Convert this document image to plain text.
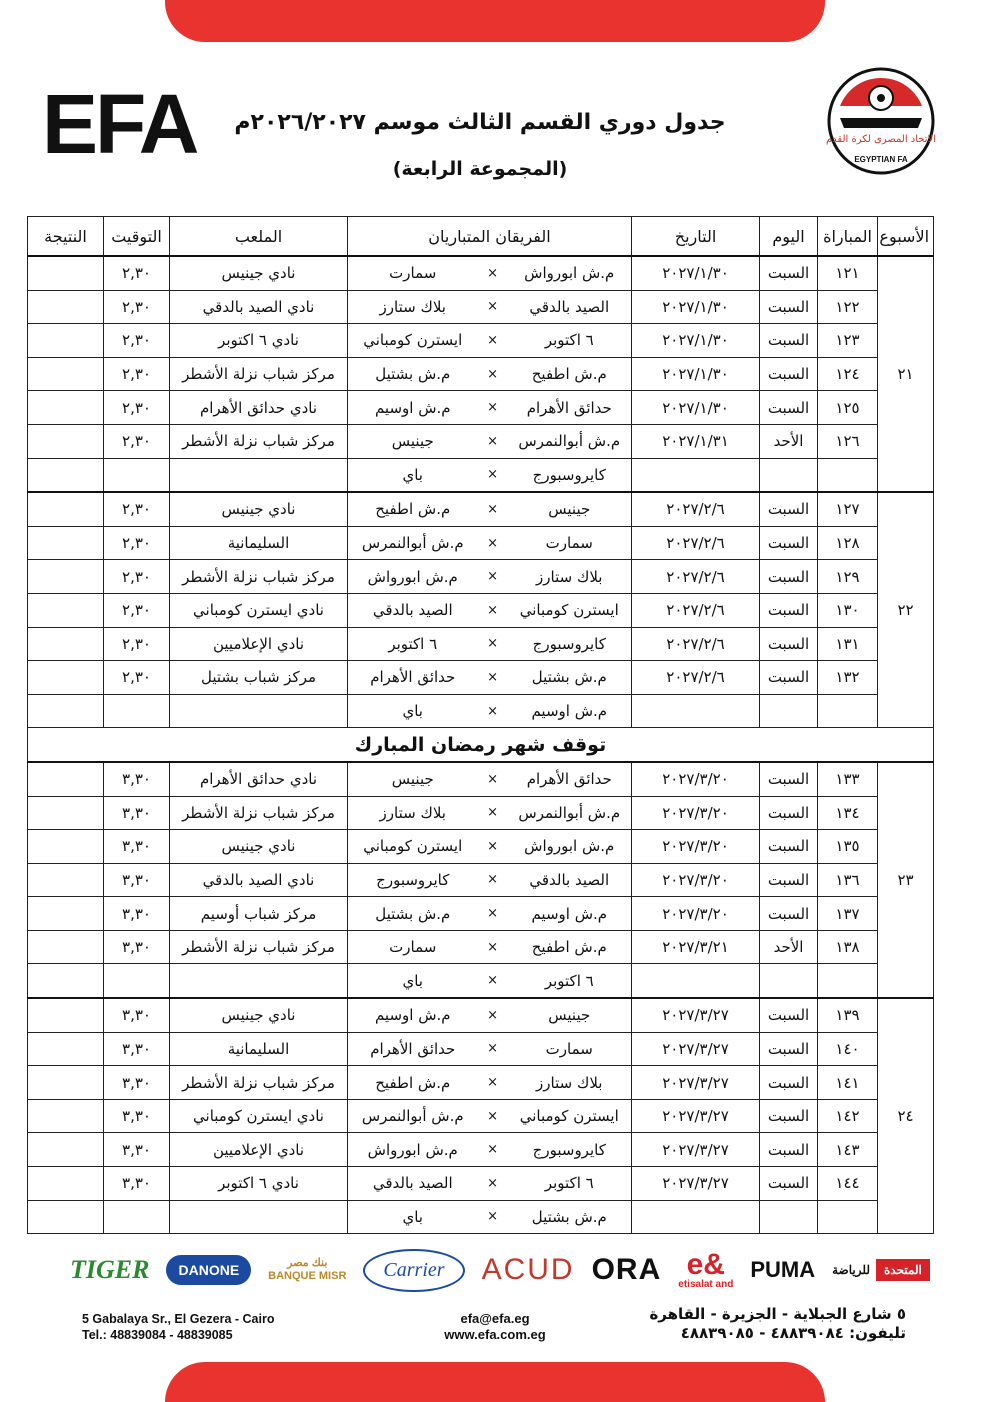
EFA	الاتحاد المصرى لكرة القدم
EGYPTIAN FA
جدول دوري القسم الثالث موسم ٢٠٢٦/٢٠٢٧م
(المجموعة الرابعة)
الأسبوع	المباراة	اليوم	التاريخ	الفريقان المتباريان			الملعب	التوقيت	النتيجة
٢١	١٢١	السبت	٢٠٢٧/١/٣٠	م.ش ابورواش	×	سمارت	نادي جينيس	٢,٣٠	
	١٢٢	السبت	٢٠٢٧/١/٣٠	الصيد بالدقي	×	بلاك ستارز	نادي الصيد بالدقي	٢,٣٠	
	١٢٣	السبت	٢٠٢٧/١/٣٠	٦ اكتوبر	×	ايسترن كومباني	نادي ٦ اكتوبر	٢,٣٠	
	١٢٤	السبت	٢٠٢٧/١/٣٠	م.ش اطفيح	×	م.ش بشتيل	مركز شباب نزلة الأشطر	٢,٣٠	
	١٢٥	السبت	٢٠٢٧/١/٣٠	حدائق الأهرام	×	م.ش اوسيم	نادي حدائق الأهرام	٢,٣٠	
	١٢٦	الأحد	٢٠٢٧/١/٣١	م.ش أبوالنمرس	×	جينيس	مركز شباب نزلة الأشطر	٢,٣٠	
				كايروسبورج	×	باي			
٢٢	١٢٧	السبت	٢٠٢٧/٢/٦	جينيس	×	م.ش اطفيح	نادي جينيس	٢,٣٠	
	١٢٨	السبت	٢٠٢٧/٢/٦	سمارت	×	م.ش أبوالنمرس	السليمانية	٢,٣٠	
	١٢٩	السبت	٢٠٢٧/٢/٦	بلاك ستارز	×	م.ش ابورواش	مركز شباب نزلة الأشطر	٢,٣٠	
	١٣٠	السبت	٢٠٢٧/٢/٦	ايسترن كومباني	×	الصيد بالدقي	نادي ايسترن كومباني	٢,٣٠	
	١٣١	السبت	٢٠٢٧/٢/٦	كايروسبورج	×	٦ اكتوبر	نادي الإعلاميين	٢,٣٠	
	١٣٢	السبت	٢٠٢٧/٢/٦	م.ش بشتيل	×	حدائق الأهرام	مركز شباب بشتيل	٢,٣٠	
				م.ش اوسيم	×	باي			
توقف شهر رمضان المبارك									
٢٣	١٣٣	السبت	٢٠٢٧/٣/٢٠	حدائق الأهرام	×	جينيس	نادي حدائق الأهرام	٣,٣٠	
	١٣٤	السبت	٢٠٢٧/٣/٢٠	م.ش أبوالنمرس	×	بلاك ستارز	مركز شباب نزلة الأشطر	٣,٣٠	
	١٣٥	السبت	٢٠٢٧/٣/٢٠	م.ش ابورواش	×	ايسترن كومباني	نادي جينيس	٣,٣٠	
	١٣٦	السبت	٢٠٢٧/٣/٢٠	الصيد بالدقي	×	كايروسبورج	نادي الصيد بالدقي	٣,٣٠	
	١٣٧	السبت	٢٠٢٧/٣/٢٠	م.ش اوسيم	×	م.ش بشتيل	مركز شباب أوسيم	٣,٣٠	
	١٣٨	الأحد	٢٠٢٧/٣/٢١	م.ش اطفيح	×	سمارت	مركز شباب نزلة الأشطر	٣,٣٠	
				٦ اكتوبر	×	باي			
٢٤	١٣٩	السبت	٢٠٢٧/٣/٢٧	جينيس	×	م.ش اوسيم	نادي جينيس	٣,٣٠	
	١٤٠	السبت	٢٠٢٧/٣/٢٧	سمارت	×	حدائق الأهرام	السليمانية	٣,٣٠	
	١٤١	السبت	٢٠٢٧/٣/٢٧	بلاك ستارز	×	م.ش اطفيح	مركز شباب نزلة الأشطر	٣,٣٠	
	١٤٢	السبت	٢٠٢٧/٣/٢٧	ايسترن كومباني	×	م.ش أبوالنمرس	نادي ايسترن كومباني	٣,٣٠	
	١٤٣	السبت	٢٠٢٧/٣/٢٧	كايروسبورج	×	م.ش ابورواش	نادي الإعلاميين	٣,٣٠	
	١٤٤	السبت	٢٠٢٧/٣/٢٧	٦ اكتوبر	×	الصيد بالدقي	نادي ٦ اكتوبر	٣,٣٠	
				م.ش بشتيل	×	باي			
TIGER	DANONE	بنك مصر
BANQUE MISR	Carrier	ACUD ORA e&
etisalat and
PUMA	المتحدةللرياضة
5 Gabalaya Sr., El Gezera - Cairo
Tel.: 48839084 - 48839085
efa@efa.eg
www.efa.com.eg
٥ شارع الجبلاية - الجزيرة - القاهرة
تليفون: ٤٨٨٣٩٠٨٤ - ٤٨٨٣٩٠٨٥
